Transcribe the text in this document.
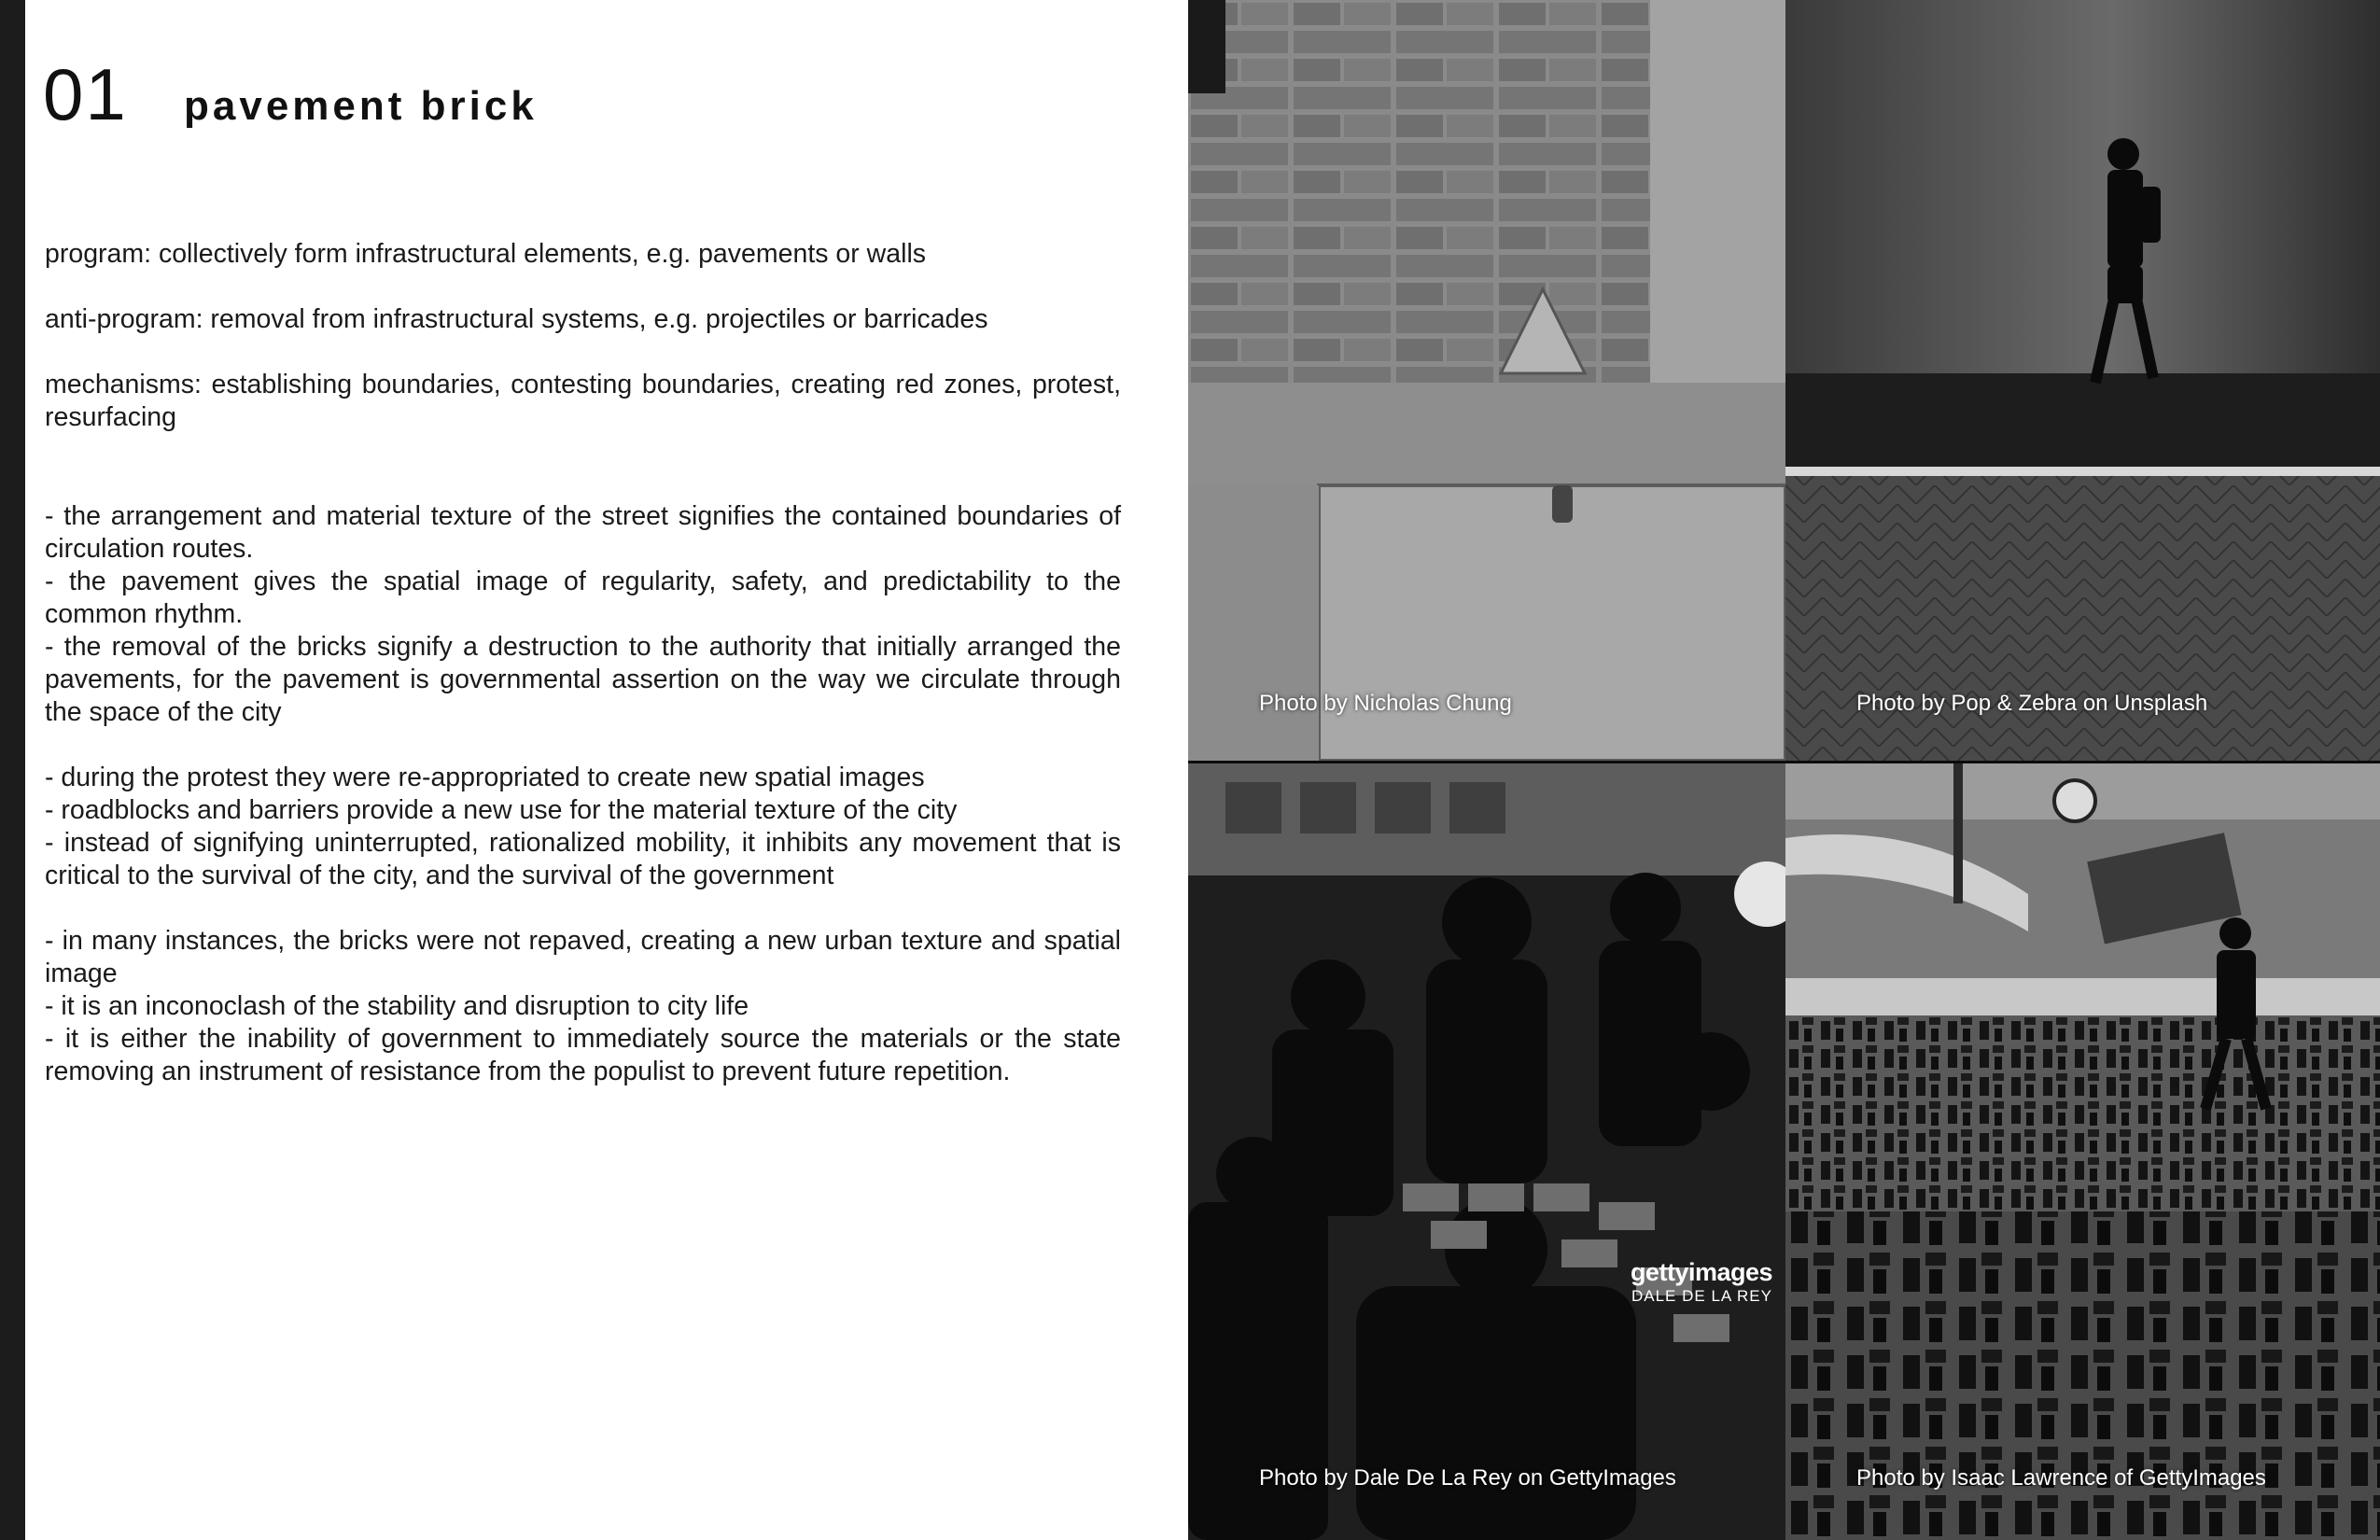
01 pavement brick

program: collectively form infrastructural elements, e.g. pavements or walls

anti-program: removal from infrastructural systems, e.g. projectiles or barricades

mechanisms: establishing boundaries, contesting boundaries, creating red zones, protest, resurfacing

- the arrangement and material texture of the street signifies the contained boundaries of circulation routes.

- the pavement gives the spatial image of regularity, safety, and predictability to the common rhythm.

- the removal of the bricks signify a destruction to the authority that initially arranged the pavements, for the pavement is governmental assertion on the way we circulate through the space of the city

- during the protest they were re-appropriated to create new spatial images

- roadblocks and barriers provide a new use for the material texture of the city

- instead of signifying uninterrupted, rationalized mobility, it inhibits any movement that is critical to the survival of the city, and the survival of the government

- in many instances, the bricks were not repaved, creating a new urban texture and spatial image

- it is an inconoclash of the stability and disruption to city life

- it is either the inability of government to immediately source the materials or the state removing an instrument of resistance from the populist to prevent future repetition.

Photo by Nicholas Chung	Photo by Pop & Zebra on Unsplash
gettyimages
DALE DE LA REY
Photo by Dale De La Rey on GettyImages	Photo by Isaac Lawrence of GettyImages
